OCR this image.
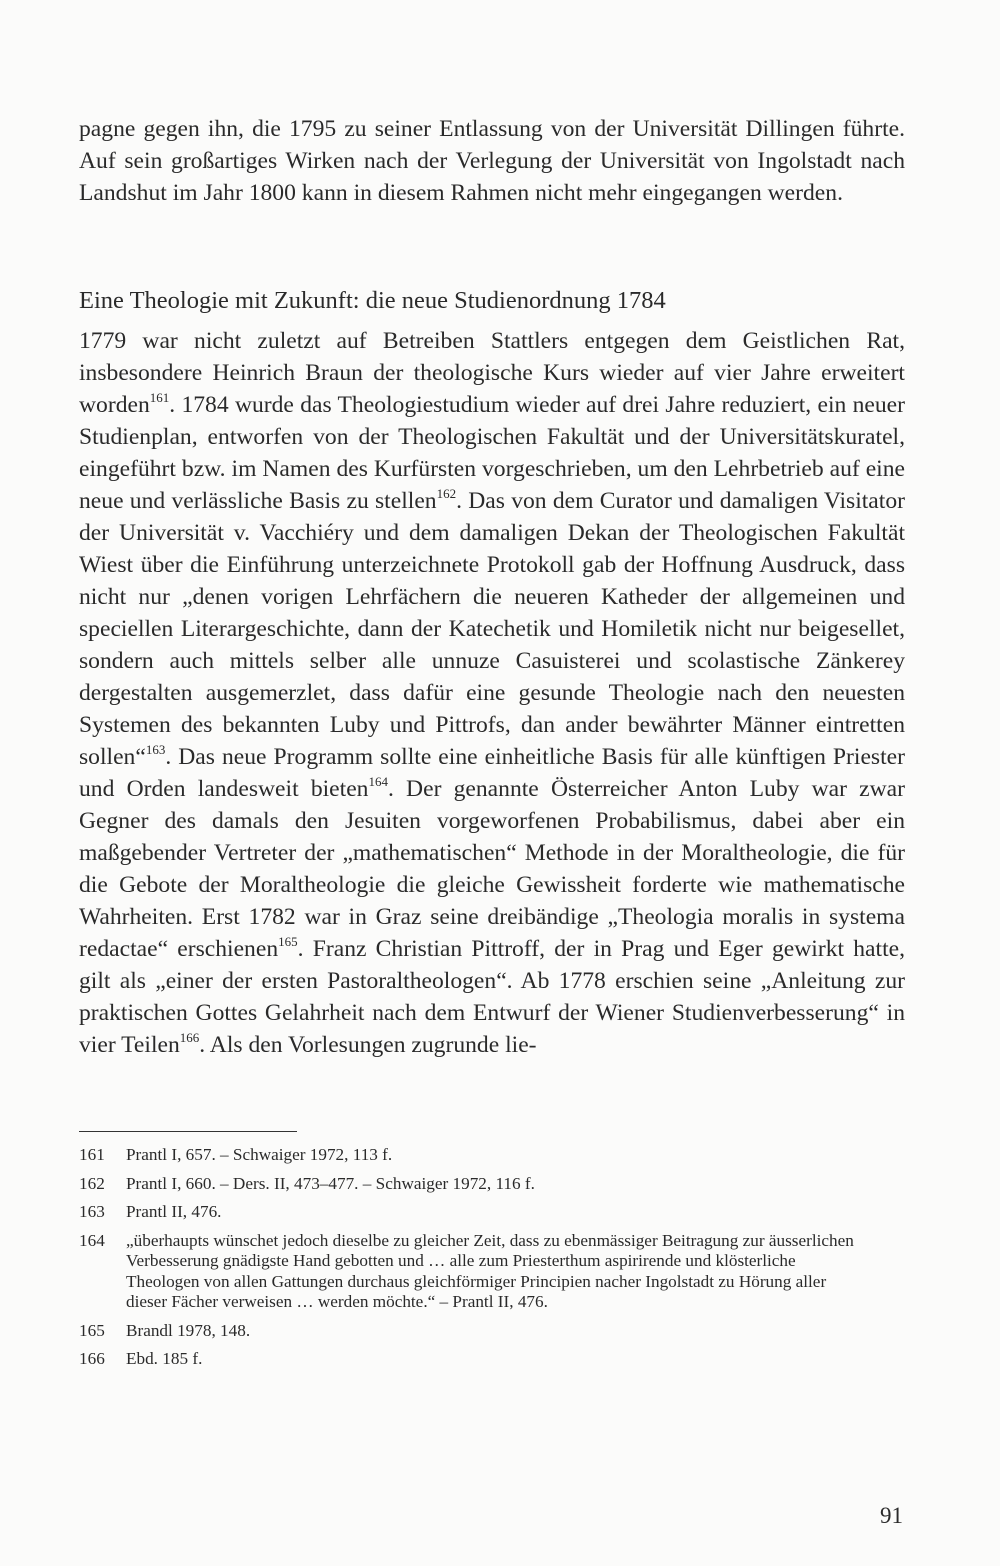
pagne gegen ihn, die 1795 zu seiner Entlassung von der Universität Dillingen führte. Auf sein großartiges Wirken nach der Verlegung der Universität von Ingolstadt nach Landshut im Jahr 1800 kann in diesem Rahmen nicht mehr eingegangen werden.

Eine Theologie mit Zukunft: die neue Studienordnung 1784

1779 war nicht zuletzt auf Betreiben Stattlers entgegen dem Geistlichen Rat, insbesondere Heinrich Braun der theologische Kurs wieder auf vier Jahre erweitert worden$^{161}$. 1784 wurde das Theologiestudium wieder auf drei Jahre reduziert, ein neuer Studienplan, entworfen von der Theologischen Fakultät und der Universitätskuratel, eingeführt bzw. im Namen des Kurfürsten vorgeschrieben, um den Lehrbetrieb auf eine neue und verlässliche Basis zu stellen$^{162}$. Das von dem Curator und damaligen Visitator der Universität v. Vacchiéry und dem damaligen Dekan der Theologischen Fakultät Wiest über die Einführung unterzeichnete Protokoll gab der Hoffnung Ausdruck, dass nicht nur „denen vorigen Lehrfächern die neueren Katheder der allgemeinen und speciellen Literargeschichte, dann der Katechetik und Homiletik nicht nur beigesellet, sondern auch mittels selber alle unnuze Casuisterei und scolastische Zänkerey dergestalten ausgemerzlet, dass dafür eine gesunde Theologie nach den neuesten Systemen des bekannten Luby und Pittrofs, dan ander bewährter Männer eintretten sollen“$^{163}$. Das neue Programm sollte eine einheitliche Basis für alle künftigen Priester und Orden landesweit bieten$^{164}$. Der genannte Österreicher Anton Luby war zwar Gegner des damals den Jesuiten vorgeworfenen Probabilismus, dabei aber ein maßgebender Vertreter der „mathematischen“ Methode in der Moraltheologie, die für die Gebote der Moraltheologie die gleiche Gewissheit forderte wie mathematische Wahrheiten. Erst 1782 war in Graz seine dreibändige „Theologia moralis in systema redactae“ erschienen$^{165}$. Franz Christian Pittroff, der in Prag und Eger gewirkt hatte, gilt als „einer der ersten Pastoraltheologen“. Ab 1778 erschien seine „Anleitung zur praktischen Gottes Gelahrheit nach dem Entwurf der Wiener Studienverbesserung“ in vier Teilen$^{166}$. Als den Vorlesungen zugrunde lie-

161	Prantl I, 657. – Schwaiger 1972, 113 f.
162	Prantl I, 660. – Ders. II, 473–477. – Schwaiger 1972, 116 f.
163	Prantl II, 476.
164	„überhaupts wünschet jedoch dieselbe zu gleicher Zeit, dass zu ebenmässiger Beitragung zur äusserlichen Verbesserung gnädigste Hand gebotten und … alle zum Priesterthum aspirirende und klösterliche Theologen von allen Gattungen durchaus gleichförmiger Principien nacher Ingolstadt zu Hörung aller dieser Fächer verweisen … werden möchte.“ – Prantl II, 476.
165	Brandl 1978, 148.
166	Ebd. 185 f.
91
